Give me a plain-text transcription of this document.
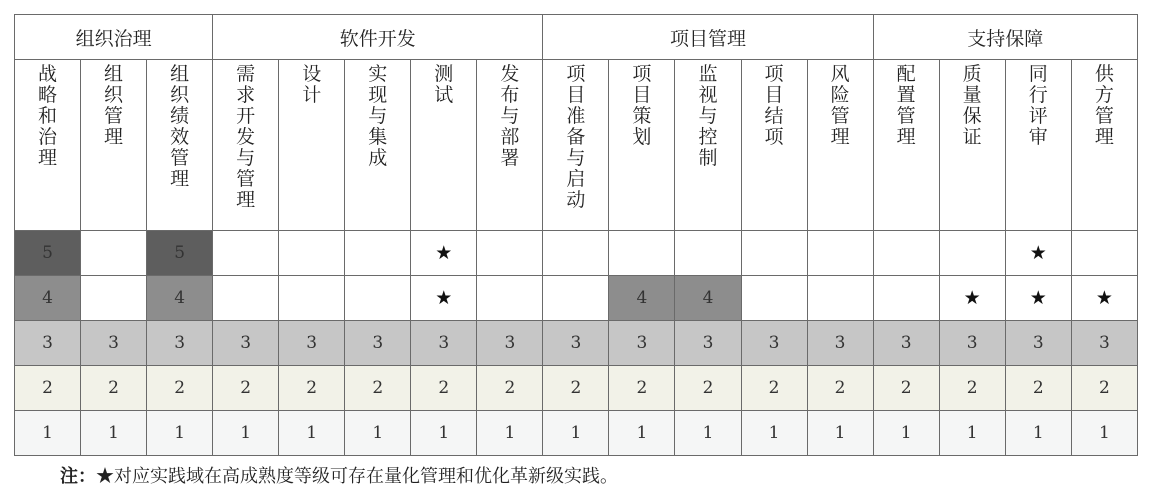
组织治理			软件开发					项目管理					支持保障			

战略和治理	组织管理	组织绩效管理	需求开发与管理	设计	实现与集成	测试	发布与部署	项目准备与启动	项目策划	监视与控制	项目结项	风险管理	配置管理	质量保证	同行评审	供方管理

5		5				★									★	
4		4				★			4	4				★	★	★
3	3	3	3	3	3	3	3	3	3	3	3	3	3	3	3	3
2	2	2	2	2	2	2	2	2	2	2	2	2	2	2	2	2
1	1	1	1	1	1	1	1	1	1	1	1	1	1	1	1	1
注：★对应实践域在高成熟度等级可存在量化管理和优化革新级实践。
